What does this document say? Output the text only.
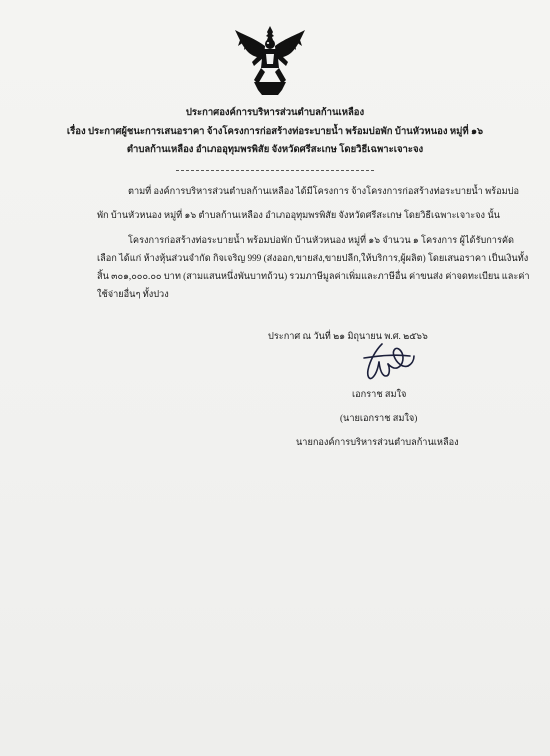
ประกาศองค์การบริหารส่วนตำบลก้านเหลือง
เรื่อง ประกาศผู้ชนะการเสนอราคา จ้างโครงการก่อสร้างท่อระบายน้ำ พร้อมบ่อพัก บ้านหัวหนอง หมู่ที่ ๑๖
ตำบลก้านเหลือง อำเภออุทุมพรพิสัย จังหวัดศรีสะเกษ โดยวิธีเฉพาะเจาะจง
ตามที่ องค์การบริหารส่วนตำบลก้านเหลือง ได้มีโครงการ จ้างโครงการก่อสร้างท่อระบายน้ำ พร้อมบ่อ
พัก บ้านหัวหนอง หมู่ที่ ๑๖ ตำบลก้านเหลือง อำเภออุทุมพรพิสัย จังหวัดศรีสะเกษ โดยวิธีเฉพาะเจาะจง นั้น
โครงการก่อสร้างท่อระบายน้ำ พร้อมบ่อพัก บ้านหัวหนอง หมู่ที่ ๑๖ จำนวน ๑ โครงการ ผู้ได้รับการคัด
เลือก ได้แก่ ห้างหุ้นส่วนจำกัด กิจเจริญ 999 (ส่งออก,ขายส่ง,ขายปลีก,ให้บริการ,ผู้ผลิต) โดยเสนอราคา เป็นเงินทั้ง
สิ้น ๓๐๑,๐๐๐.๐๐ บาท (สามแสนหนึ่งพันบาทถ้วน) รวมภาษีมูลค่าเพิ่มและภาษีอื่น ค่าขนส่ง ค่าจดทะเบียน และค่า
ใช้จ่ายอื่นๆ ทั้งปวง
ประกาศ ณ วันที่ ๒๑ มิถุนายน พ.ศ. ๒๕๖๖
เอกราช สมใจ
(นายเอกราช สมใจ)
นายกองค์การบริหารส่วนตำบลก้านเหลือง
